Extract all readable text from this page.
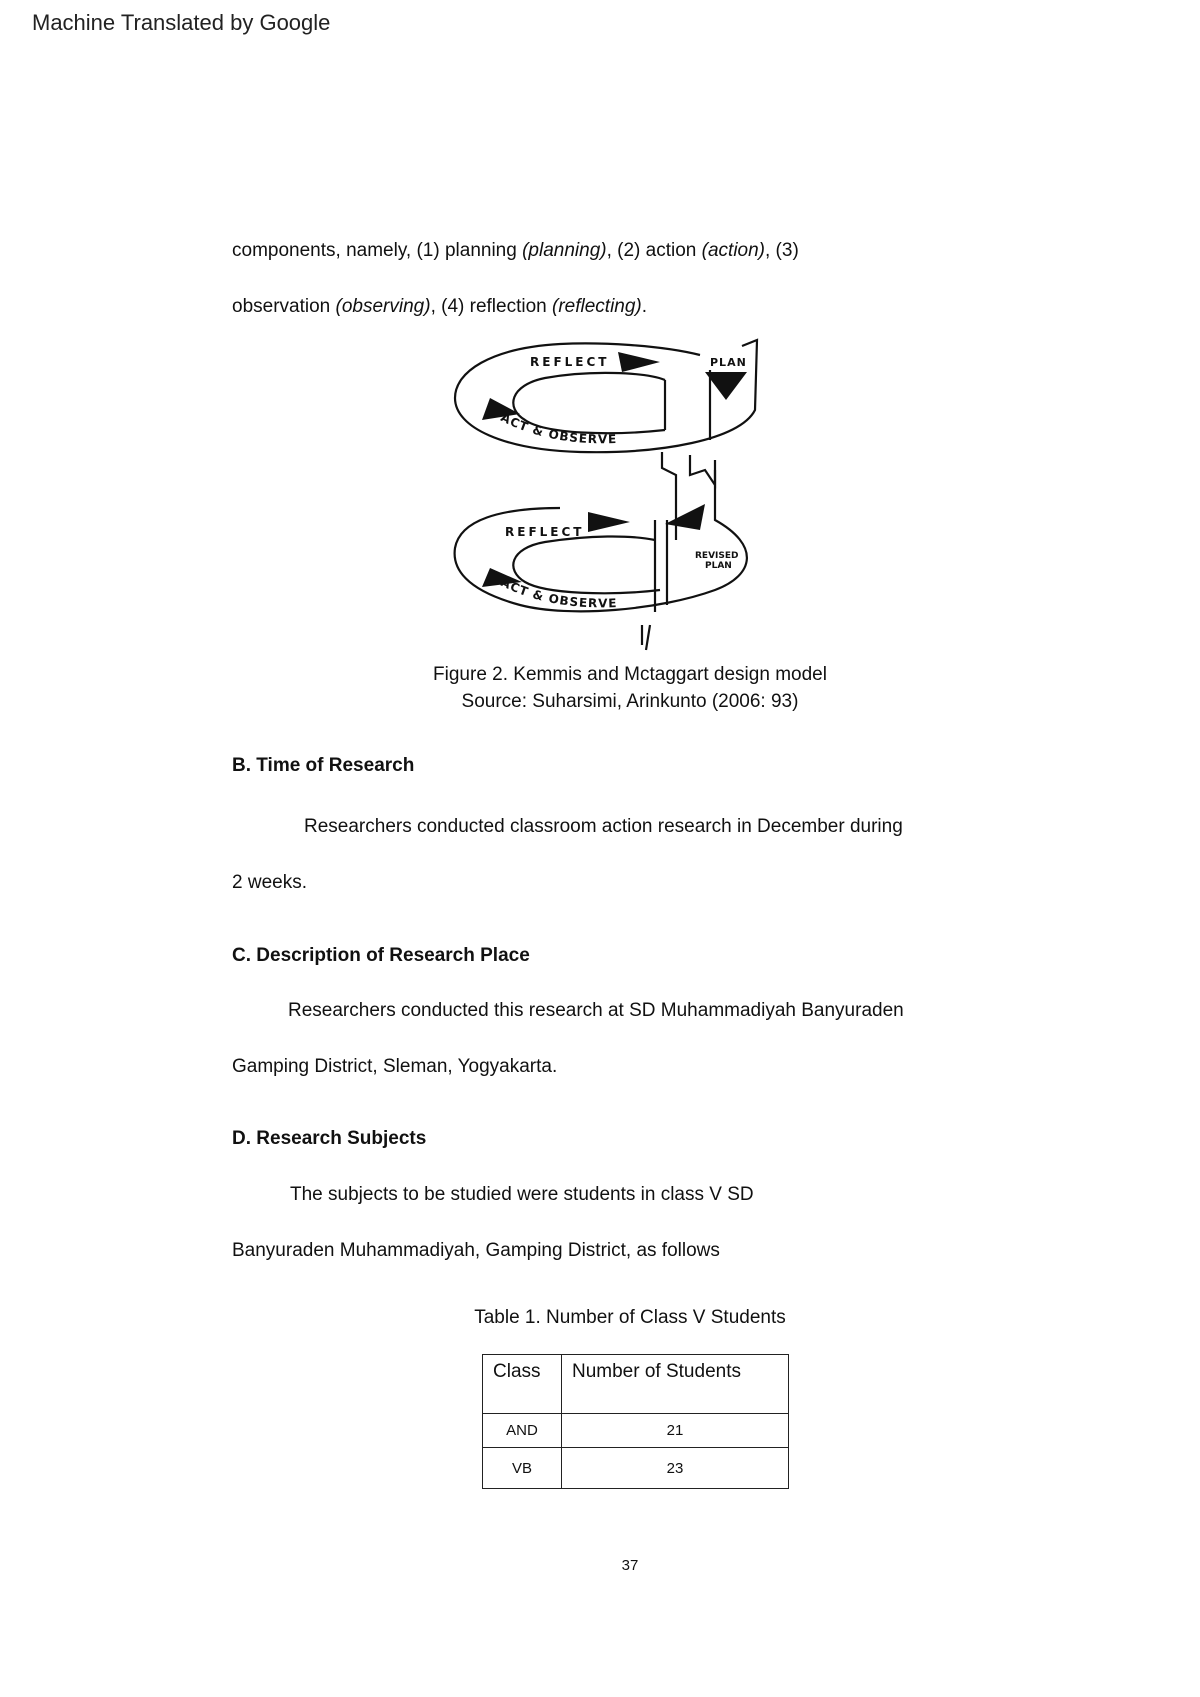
Machine Translated by Google
components, namely, (1) planning (planning), (2) action (action), (3)
observation (observing), (4) reflection (reflecting).
REFLECT	PLAN
ACT & OBSERVE
REFLECT
REVISED
PLAN
ACT & OBSERVE
Figure 2. Kemmis and Mctaggart design model
Source: Suharsimi, Arinkunto (2006: 93)
B. Time of Research
Researchers conducted classroom action research in December during
2 weeks.
C. Description of Research Place
Researchers conducted this research at SD Muhammadiyah Banyuraden
Gamping District, Sleman, Yogyakarta.
D. Research Subjects
The subjects to be studied were students in class V SD
Banyuraden Muhammadiyah, Gamping District, as follows
Table 1. Number of Class V Students
Class	Number of Students
AND	21
VB	23
37
